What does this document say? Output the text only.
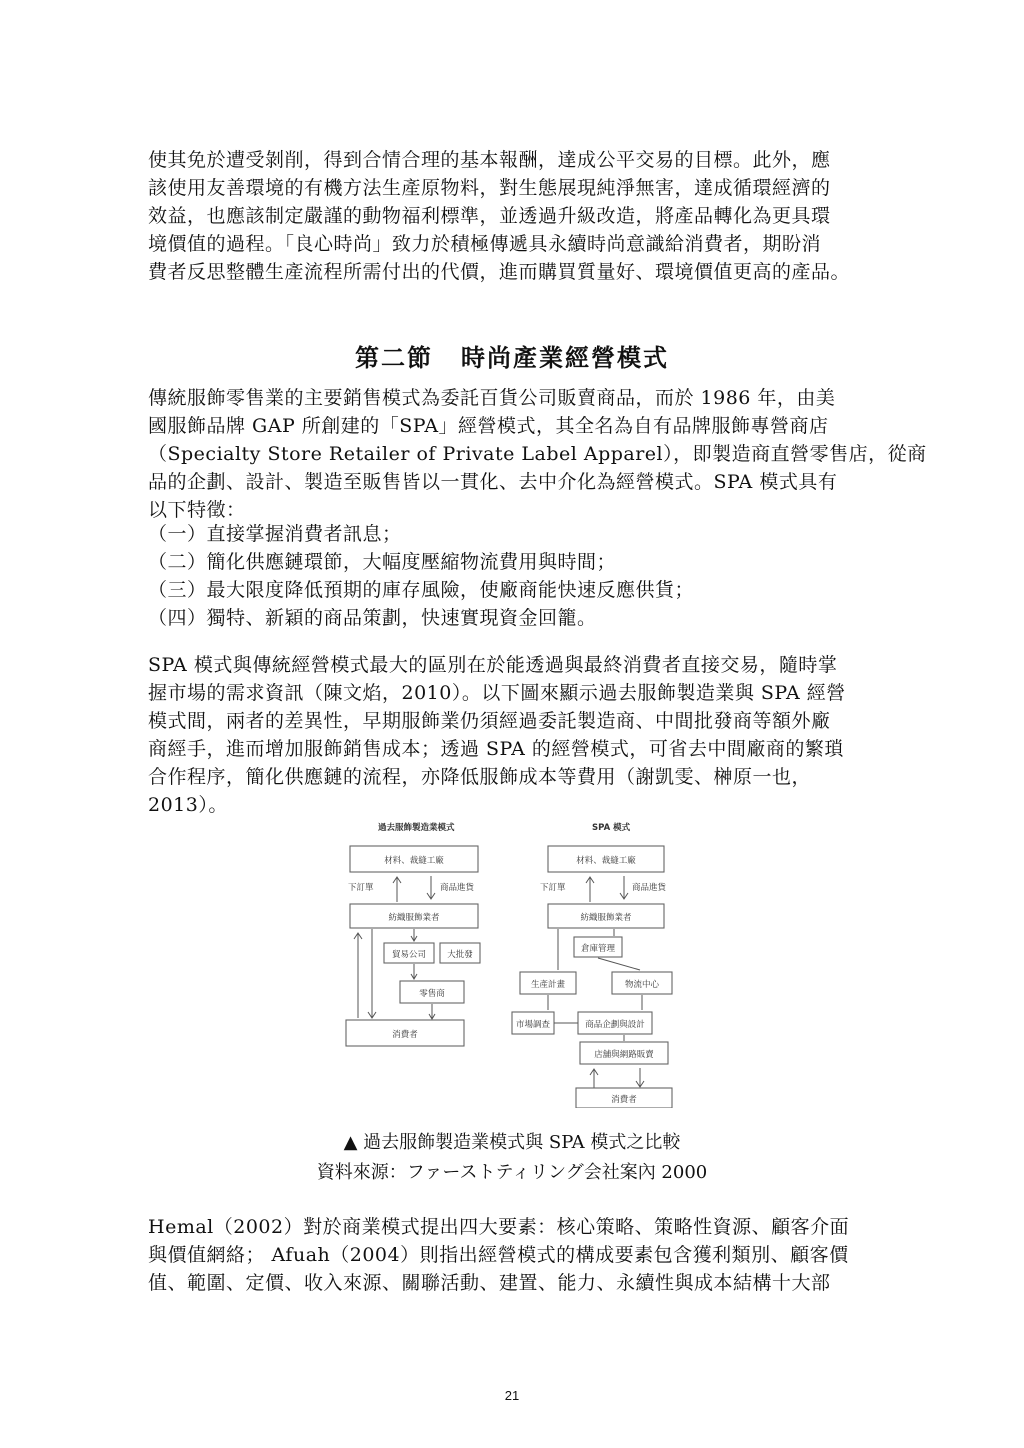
使其免於遭受剝削，得到合情合理的基本報酬，達成公平交易的目標。此外，應
該使用友善環境的有機方法生產原物料，對生態展現純淨無害，達成循環經濟的
效益，也應該制定嚴謹的動物福利標準，並透過升級改造，將產品轉化為更具環
境價值的過程。「良心時尚」致力於積極傳遞具永續時尚意識給消費者，期盼消
費者反思整體生產流程所需付出的代價，進而購買質量好、環境價值更高的產品。
第二節 時尚產業經營模式
傳統服飾零售業的主要銷售模式為委託百貨公司販賣商品，而於 1986 年，由美
國服飾品牌 GAP 所創建的「SPA」經營模式，其全名為自有品牌服飾專營商店
（Specialty Store Retailer of Private Label Apparel），即製造商直營零售店，從商
品的企劃、設計、製造至販售皆以一貫化、去中介化為經營模式。SPA 模式具有
以下特徵：
（一）直接掌握消費者訊息；
（二）簡化供應鏈環節，大幅度壓縮物流費用與時間；
（三）最大限度降低預期的庫存風險，使廠商能快速反應供貨；
（四）獨特、新穎的商品策劃，快速實現資金回籠。
SPA 模式與傳統經營模式最大的區別在於能透過與最終消費者直接交易，隨時掌
握市場的需求資訊（陳文焰，2010）。以下圖來顯示過去服飾製造業與 SPA 經營
模式間，兩者的差異性，早期服飾業仍須經過委託製造商、中間批發商等額外廠
商經手，進而增加服飾銷售成本；透過 SPA 的經營模式，可省去中間廠商的繁瑣
合作程序，簡化供應鏈的流程，亦降低服飾成本等費用（謝凱雯、榊原一也，
2013）。
過去服飾製造業模式
材料、裁縫工廠
下訂單	商品進貨
紡織服飾業者
貿易公司 大批發
零售商
消費者
SPA 模式
材料、裁縫工廠
下訂單	商品進貨
紡織服飾業者
倉庫管理
生產計畫	物流中心
市場調查	商品企劃與設計
店舖與網路販賣
消費者

▲ 過去服飾製造業模式與 SPA 模式之比較

資料來源：ファーストティリング会社案內 2000

Hemal（2002）對於商業模式提出四大要素：核心策略、策略性資源、顧客介面
與價值網絡； Afuah（2004）則指出經營模式的構成要素包含獲利類別、顧客價
值、範圍、定價、收入來源、關聯活動、建置、能力、永續性與成本結構十大部
21
